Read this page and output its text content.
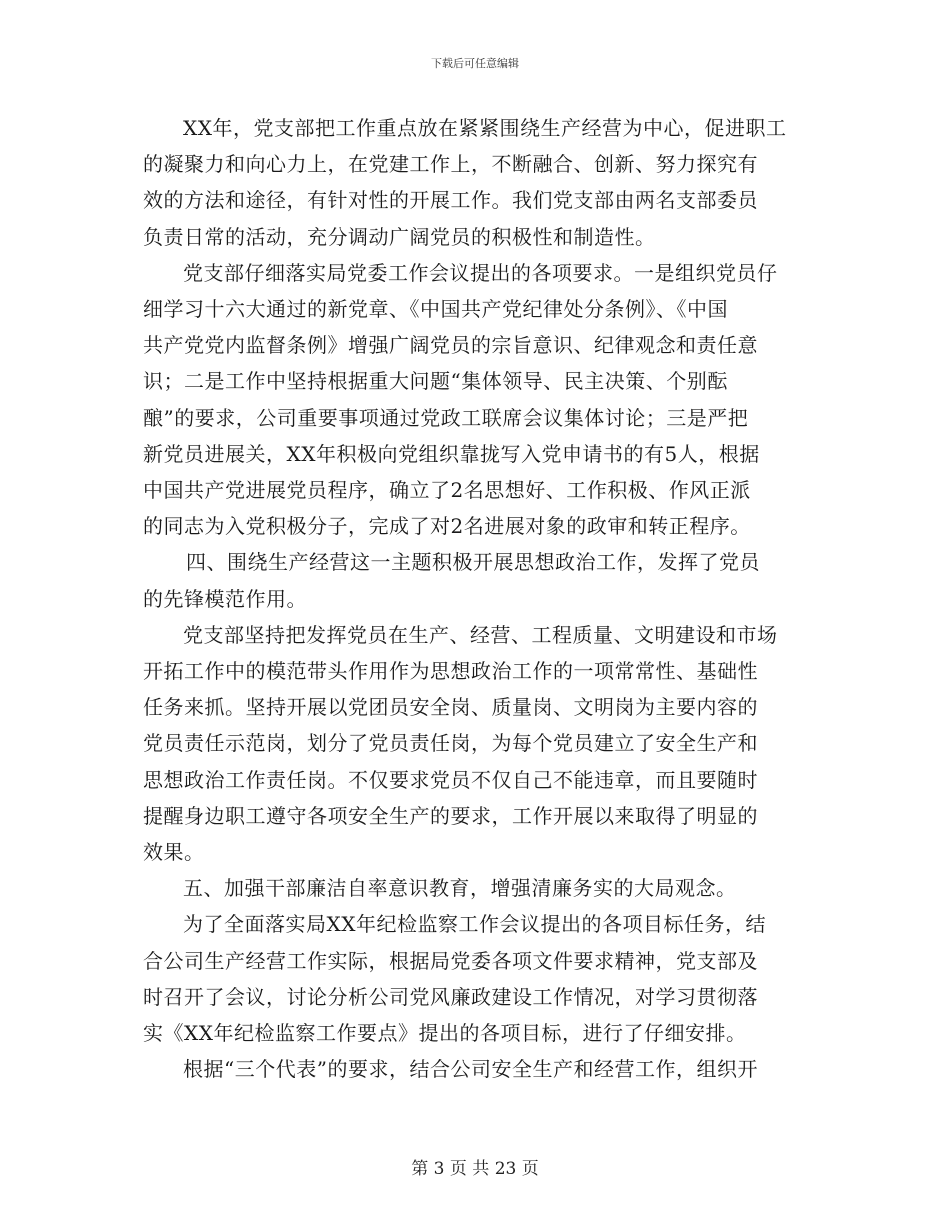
下载后可任意编辑

XX年，党支部把工作重点放在紧紧围绕生产经营为中心，促进职工
的凝聚力和向心力上，在党建工作上，不断融合、创新、努力探究有
效的方法和途径，有针对性的开展工作。我们党支部由两名支部委员
负责日常的活动，充分调动广阔党员的积极性和制造性。

党支部仔细落实局党委工作会议提出的各项要求。一是组织党员仔
细学习十六大通过的新党章、《中国共产党纪律处分条例》、《中国
共产党党内监督条例》增强广阔党员的宗旨意识、纪律观念和责任意
识；二是工作中坚持根据重大问题“集体领导、民主决策、个别酝
酿”的要求，公司重要事项通过党政工联席会议集体讨论；三是严把
新党员进展关，XX年积极向党组织靠拢写入党申请书的有5人，根据
中国共产党进展党员程序，确立了2名思想好、工作积极、作风正派
的同志为入党积极分子，完成了对2名进展对象的政审和转正程序。

四、围绕生产经营这一主题积极开展思想政治工作，发挥了党员
的先锋模范作用。

党支部坚持把发挥党员在生产、经营、工程质量、文明建设和市场
开拓工作中的模范带头作用作为思想政治工作的一项常常性、基础性
任务来抓。坚持开展以党团员安全岗、质量岗、文明岗为主要内容的
党员责任示范岗，划分了党员责任岗，为每个党员建立了安全生产和
思想政治工作责任岗。不仅要求党员不仅自己不能违章，而且要随时
提醒身边职工遵守各项安全生产的要求，工作开展以来取得了明显的
效果。

五、加强干部廉洁自率意识教育，增强清廉务实的大局观念。

为了全面落实局XX年纪检监察工作会议提出的各项目标任务，结
合公司生产经营工作实际，根据局党委各项文件要求精神，党支部及
时召开了会议，讨论分析公司党风廉政建设工作情况，对学习贯彻落
实《XX年纪检监察工作要点》提出的各项目标，进行了仔细安排。

根据“三个代表”的要求，结合公司安全生产和经营工作，组织开

第 3 页 共 23 页
